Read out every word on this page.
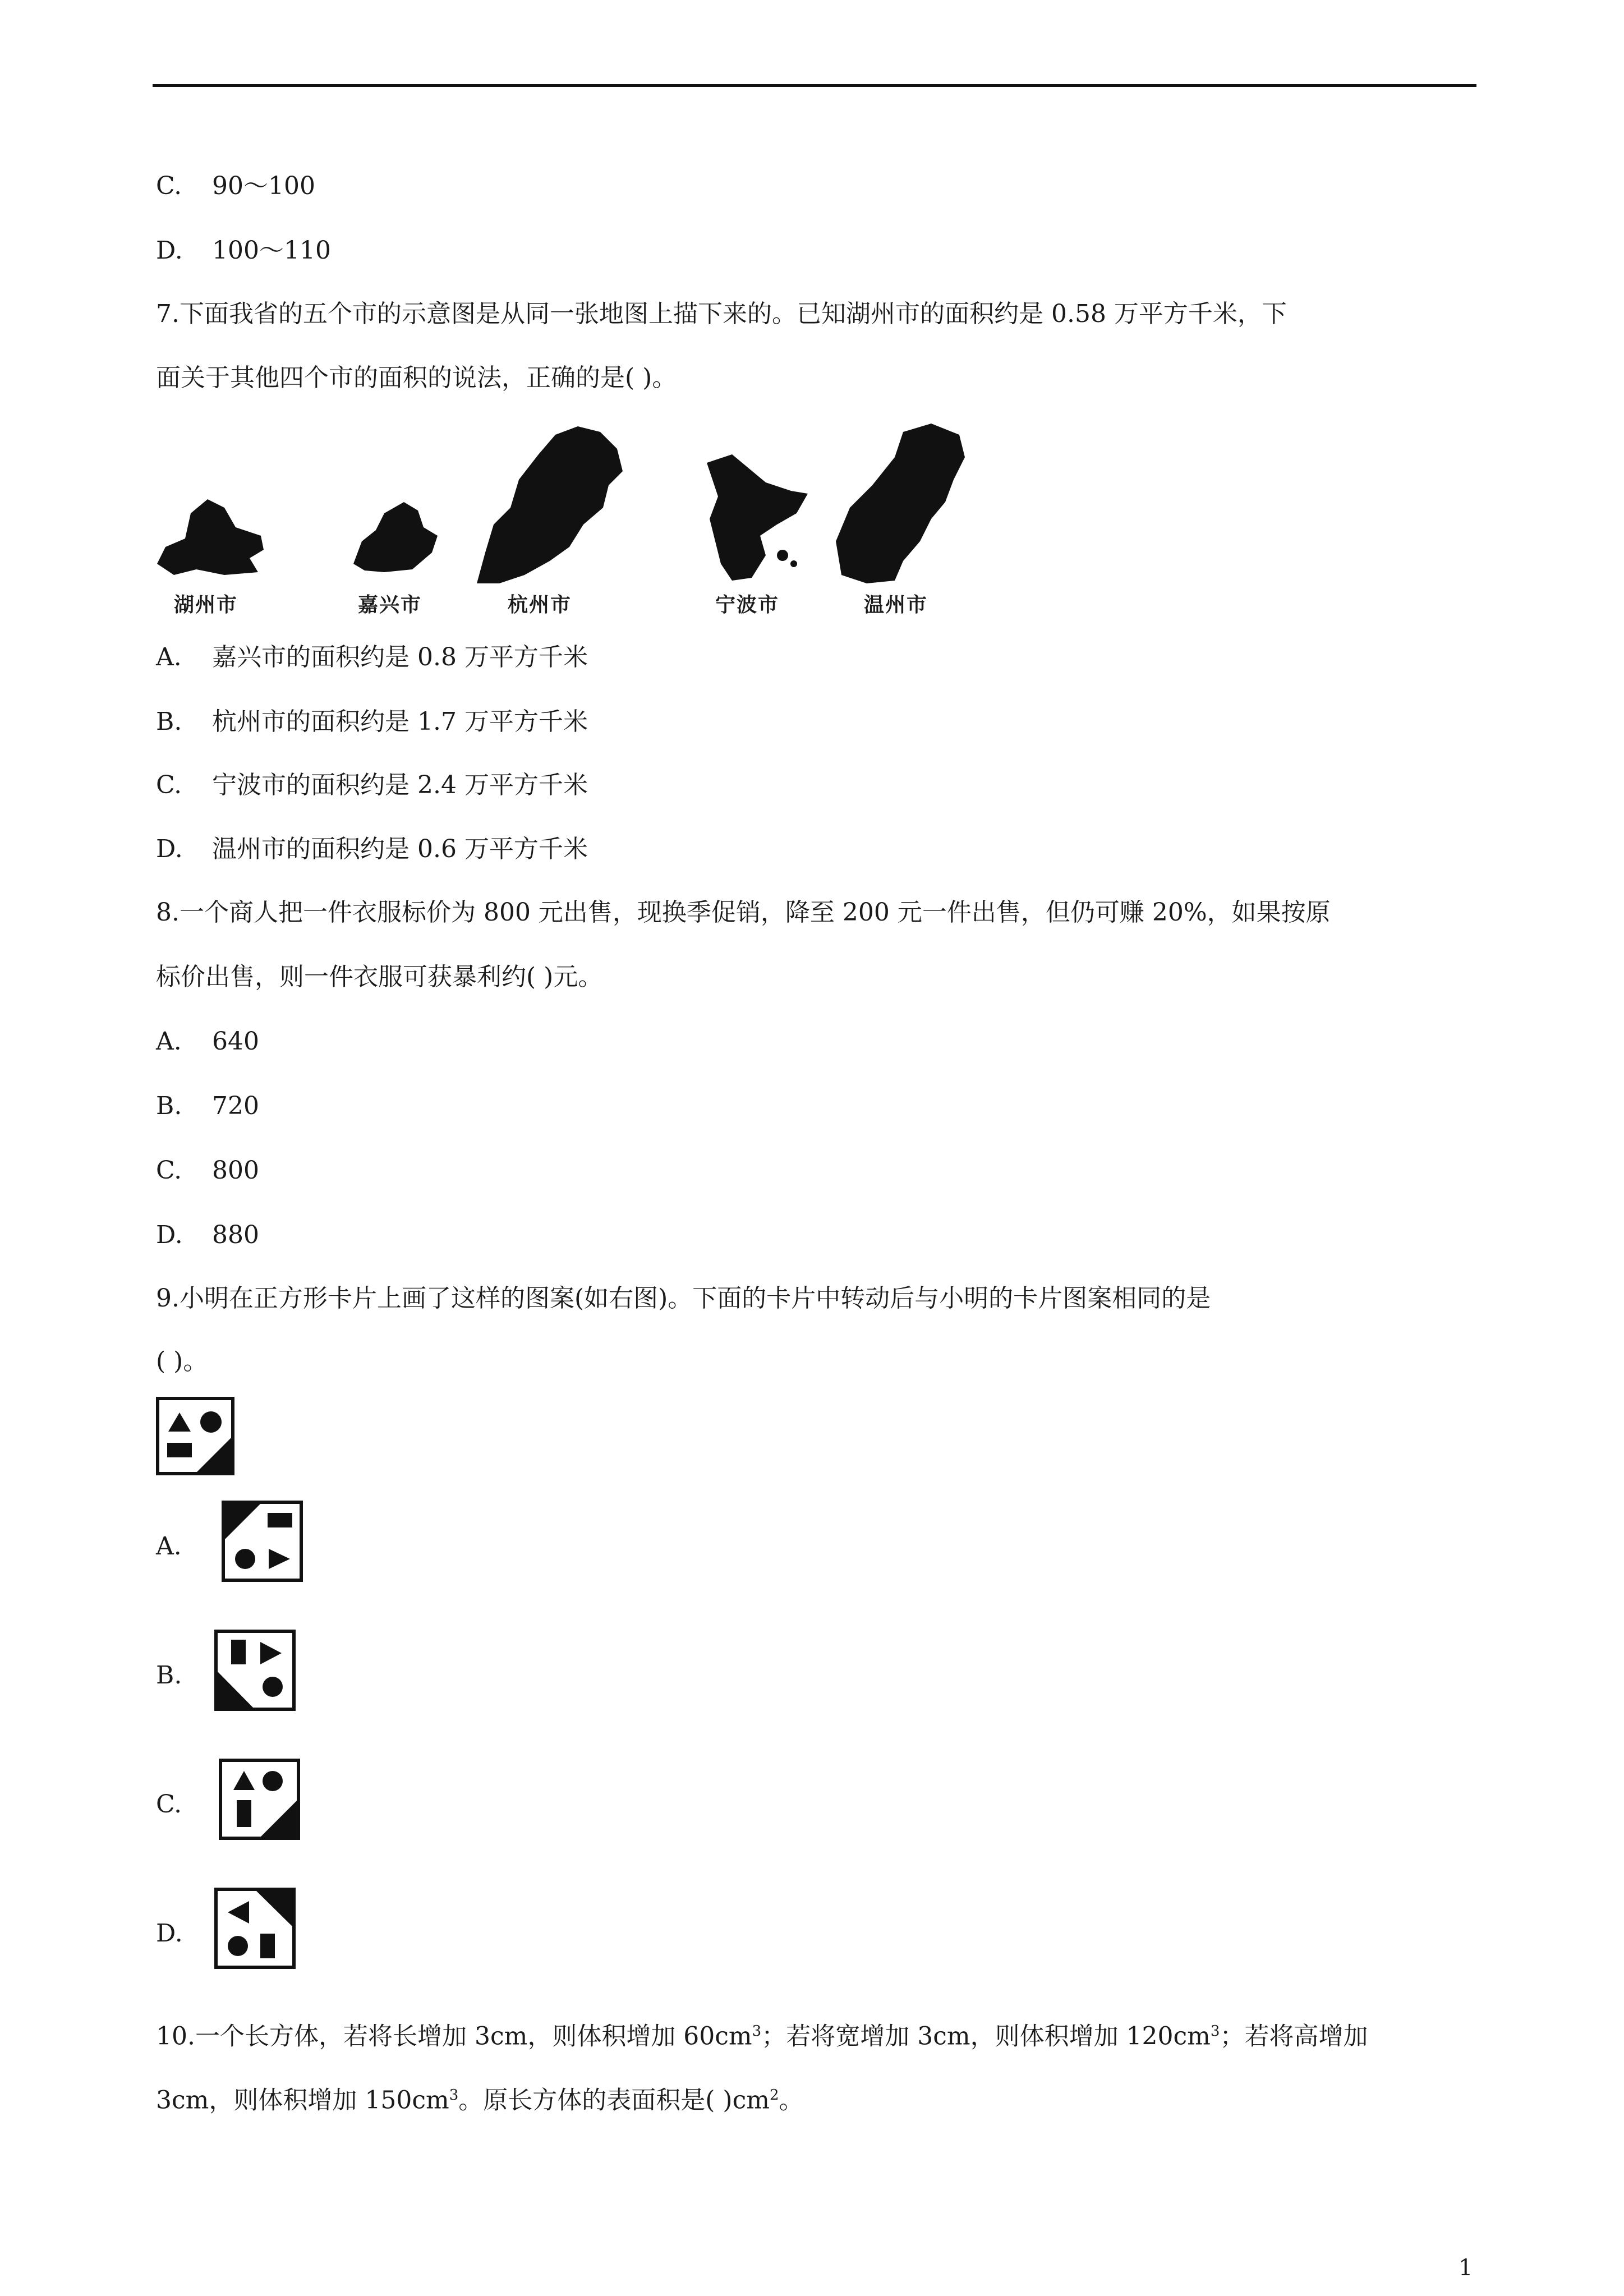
C. 90～100
D. 100～110
7.下面我省的五个市的示意图是从同一张地图上描下来的。已知湖州市的面积约是 0.58 万平方千米，下
面关于其他四个市的面积的说法，正确的是( )。
湖州市	嘉兴市	杭州市	宁波市	温州市
A. 嘉兴市的面积约是 0.8 万平方千米
B. 杭州市的面积约是 1.7 万平方千米
C. 宁波市的面积约是 2.4 万平方千米
D. 温州市的面积约是 0.6 万平方千米
8.一个商人把一件衣服标价为 800 元出售，现换季促销，降至 200 元一件出售，但仍可赚 20%，如果按原
标价出售，则一件衣服可获暴利约( )元。
A. 640
B. 720
C. 800
D. 880
9.小明在正方形卡片上画了这样的图案(如右图)。下面的卡片中转动后与小明的卡片图案相同的是
( )。
A.
B.
C.
D.
10.一个长方体，若将长增加 3cm，则体积增加 $60cm^3$；若将宽增加 3cm，则体积增加 $120cm^3$；若将高增加
3cm，则体积增加 $150cm^3$。原长方体的表面积是( )$cm^2$。
1
